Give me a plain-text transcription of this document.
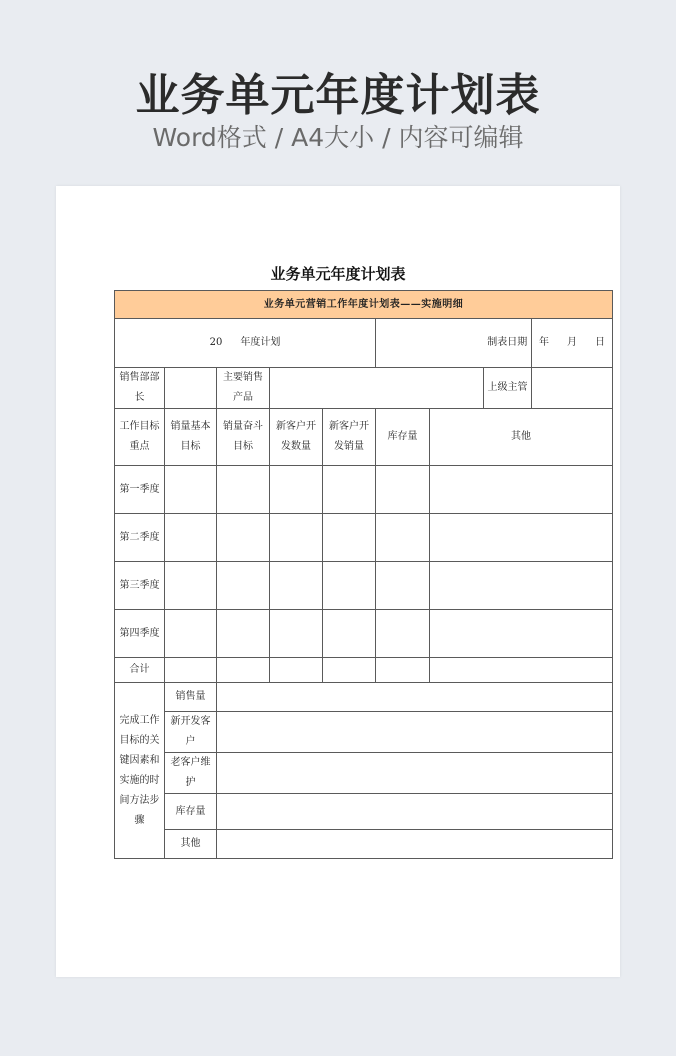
业务单元年度计划表
Word格式 / A4大小 / 内容可编辑
业务单元年度计划表
业务单元营销工作年度计划表——实施明细								
20 年度计划							制表日期	年 月 日
销售部部长		主要销售产品					上级主管	
工作目标重点	销量基本目标	销量奋斗目标	新客户开发数量	新客户开发销量	库存量	其他		
第一季度								
第二季度								
第三季度								
第四季度								
合计								
完成工作目标的关键因素和实施的时间方法步骤	销售量							
	新开发客户							
	老客户维护							
	库存量							
	其他							
